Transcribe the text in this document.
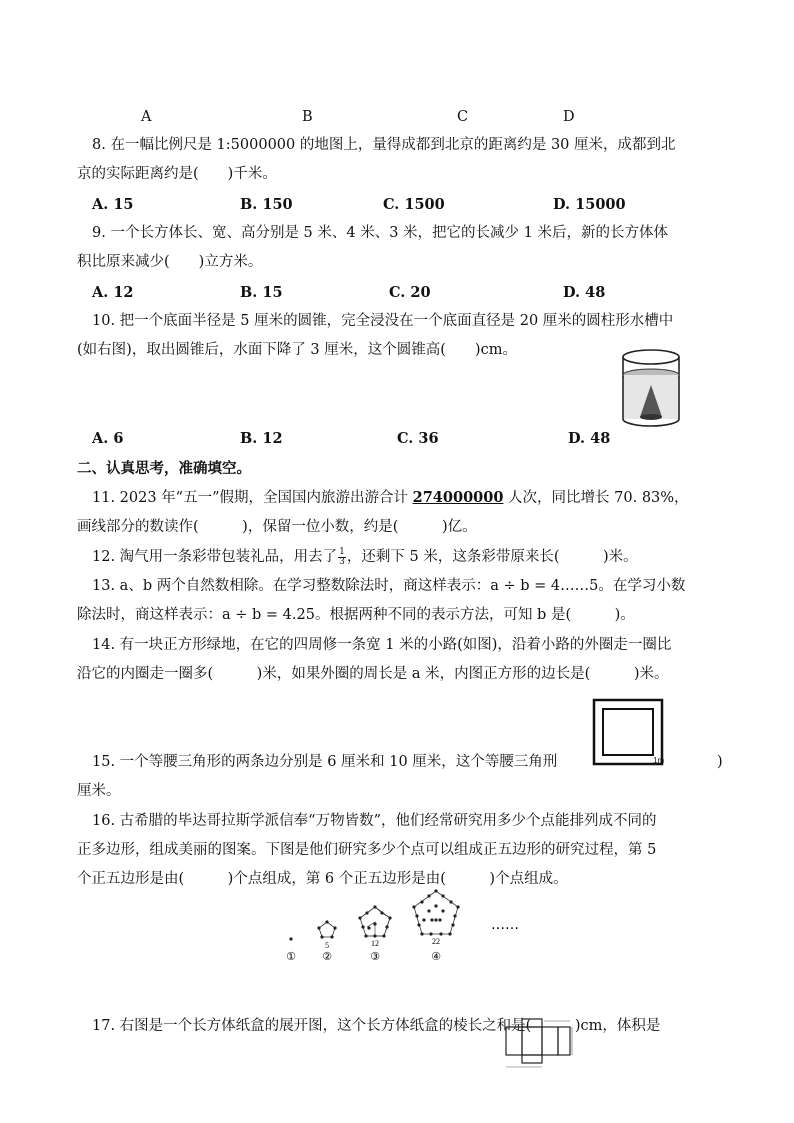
A	B	C	D
8. 在一幅比例尺是 1:5000000 的地图上，量得成都到北京的距离约是 30 厘米，成都到北
京的实际距离约是(　　)千米。
A. 15	B. 150	C. 1500	D. 15000
9. 一个长方体长、宽、高分别是 5 米、4 米、3 米，把它的长减少 1 米后，新的长方体体
积比原来减少(　　)立方米。
A. 12	B. 15	C. 20	D. 48
10. 把一个底面半径是 5 厘米的圆锥，完全浸没在一个底面直径是 20 厘米的圆柱形水槽中
(如右图)，取出圆锥后，水面下降了 3 厘米，这个圆锥高(　　)cm。
A. 6	B. 12	C. 36	D. 48
二、认真思考，准确填空。
11. 2023 年“五一”假期，全国国内旅游出游合计 274000000 人次，同比增长 70. 83%，
画线部分的数读作(　　　)，保留一位小数，约是(　　　)亿。
12. 淘气用一条彩带包装礼品，用去了 $\frac{1}{3}$ ，还剩下 5 米，这条彩带原来长(　　　)米。
13. a、b 两个自然数相除。在学习整数除法时，商这样表示：a ÷ b = 4……5。在学习小数
除法时，商这样表示：a ÷ b = 4.25。根据两种不同的表示方法，可知 b 是(　　　)。
14. 有一块正方形绿地，在它的四周修一条宽 1 米的小路(如图)，沿着小路的外圈走一圈比
沿它的内圈走一圈多(　　　)米，如果外圈的周长是 a 米，内图正方形的边长是(　　　)米。
1m
15. 一个等腰三角形的两条边分别是 6 厘米和 10 厘米，这个等腰三角刑	)
厘米。
16. 古希腊的毕达哥拉斯学派信奉“万物皆数”，他们经常研究用多少个点能排列成不同的
正多边形，组成美丽的图案。下图是他们研究多少个点可以组成正五边形的研究过程，第 5
个正五边形是由(　　　)个点组成，第 6 个正五边形是由(　　　)个点组成。
5	12	22
① ②	③	④
……
17. 右图是一个长方体纸盒的展开图，这个长方体纸盒的棱长之和是(　　　)cm，体积是
